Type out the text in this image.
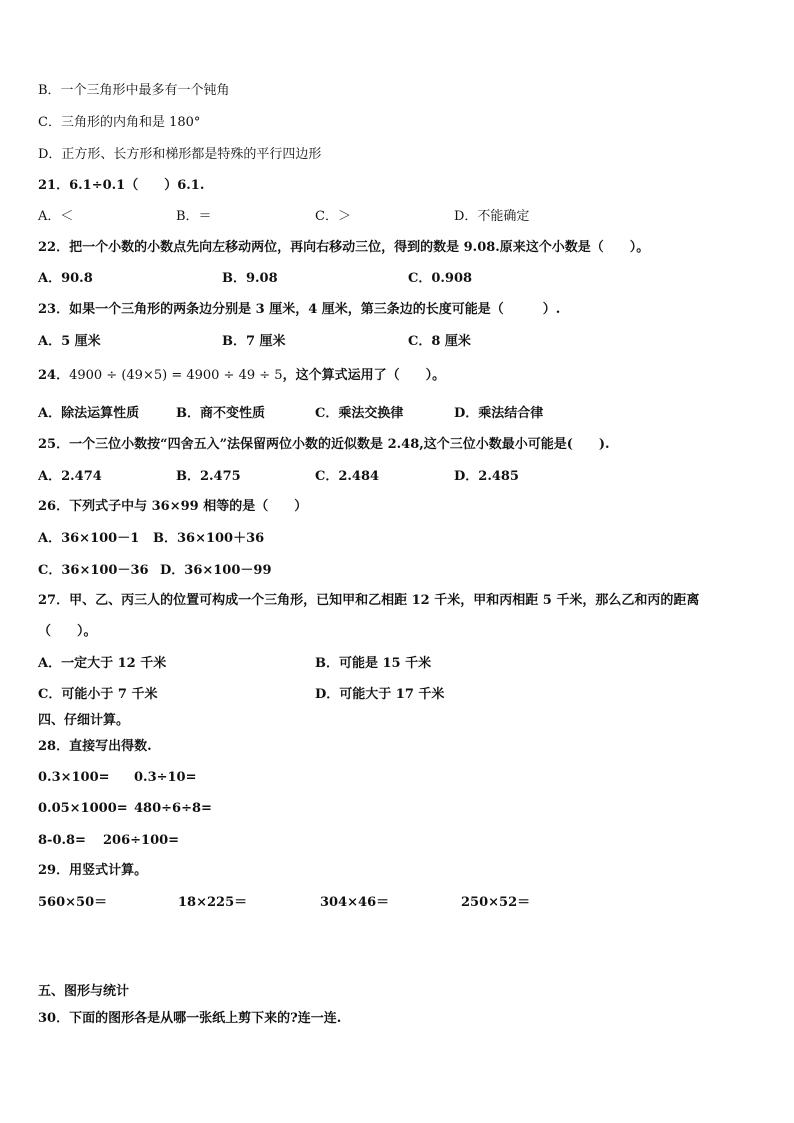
B．一个三角形中最多有一个钝角
C．三角形的内角和是 180°
D．正方形、长方形和梯形都是特殊的平行四边形
21．6.1÷0.1（　　）6.1.
A．＜	B．＝	C．＞	D．不能确定
22．把一个小数的小数点先向左移动两位，再向右移动三位，得到的数是 9.08.原来这个小数是（　　）。
A．90.8	B．9.08	C．0.908
23．如果一个三角形的两条边分别是 3 厘米，4 厘米，第三条边的长度可能是（　　　）.
A．5 厘米	B．7 厘米	C．8 厘米
24．4900 ÷ (49×5) = 4900 ÷ 49 ÷ 5，这个算式运用了（　　）。
A．除法运算性质	B．商不变性质	C．乘法交换律	D．乘法结合律
25．一个三位小数按“四舍五入”法保留两位小数的近似数是 2.48,这个三位小数最小可能是(　　).
A．2.474	B．2.475	C．2.484	D．2.485
26．下列式子中与 36×99 相等的是（　　）
A．36×100－1 B．36×100＋36
C．36×100－36 D．36×100－99
27．甲、乙、丙三人的位置可构成一个三角形，已知甲和乙相距 12 千米，甲和丙相距 5 千米，那么乙和丙的距离
（　　）。
A．一定大于 12 千米	B．可能是 15 千米
C．可能小于 7 千米	D．可能大于 17 千米
四、仔细计算。
28．直接写出得数.
0.3×100= 0.3÷10=
0.05×1000= 480÷6÷8=
8-0.8= 206÷100=
29．用竖式计算。
560×50＝	18×225＝	304×46＝	250×52＝
五、图形与统计
30．下面的图形各是从哪一张纸上剪下来的?连一连.
